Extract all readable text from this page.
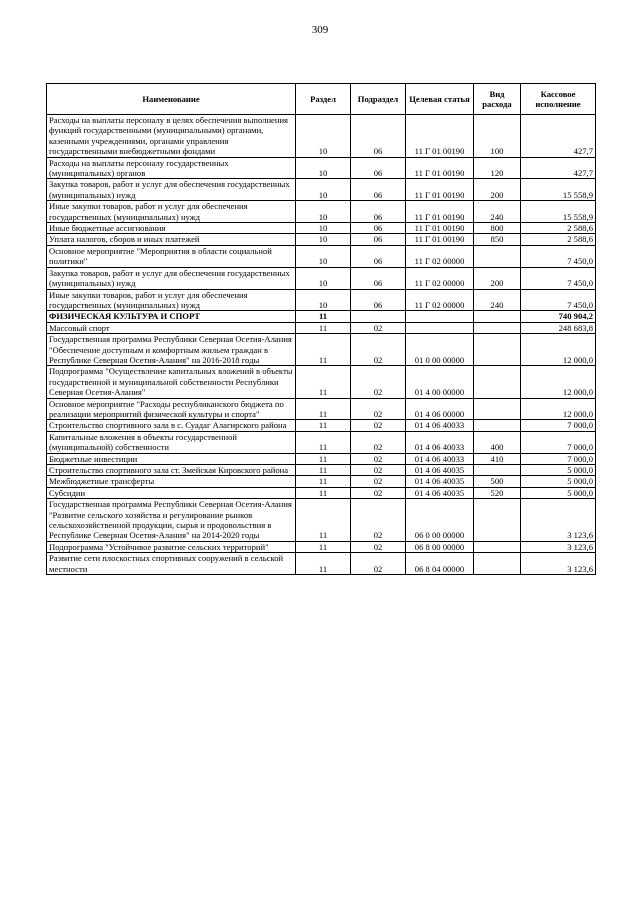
309
Наименование	Раздел	Подраздел	Целевая статья	Вид расхода	Кассовое исполнение
Расходы на выплаты персоналу в целях обеспечения выполнения функций государственными (муниципальными) органами, казенными учреждениями, органами управления государственными внебюджетными фондами	10	06	11 Г 01 00190	100	427,7
Расходы на выплаты персоналу государственных (муниципальных) органов	10	06	11 Г 01 00190	120	427,7
Закупка товаров, работ и услуг для обеспечения государственных (муниципальных) нужд	10	06	11 Г 01 00190	200	15 558,9
Иные закупки товаров, работ и услуг для обеспечения государственных (муниципальных) нужд	10	06	11 Г 01 00190	240	15 558,9
Иные бюджетные ассигнования	10	06	11 Г 01 00190	800	2 588,6
Уплата налогов, сборов и иных платежей	10	06	11 Г 01 00190	850	2 588,6
Основное мероприятие "Мероприятия в области социальной политики"	10	06	11 Г 02 00000		7 450,0
Закупка товаров, работ и услуг для обеспечения государственных (муниципальных) нужд	10	06	11 Г 02 00000	200	7 450,0
Иные закупки товаров, работ и услуг для обеспечения государственных (муниципальных) нужд	10	06	11 Г 02 00000	240	7 450,0
ФИЗИЧЕСКАЯ КУЛЬТУРА И СПОРТ	11				740 904,2
Массовый спорт	11	02			248 683,8
Государственная программа Республики Северная Осетия-Алания "Обеспечение доступным и комфортным жильем граждан в Республике Северная Осетия-Алания" на 2016-2018 годы	11	02	01 0 00 00000		12 000,0
Подпрограмма "Осуществление капитальных вложений в объекты государственной и муниципальной собственности Республики Северная Осетия-Алания"	11	02	01 4 00 00000		12 000,0
Основное мероприятие "Расходы республиканского бюджета по реализации мероприятий физической культуры и спорта"	11	02	01 4 06 00000		12 000,0
Строительство спортивного зала в с. Суадаг Алагирского района	11	02	01 4 06 40033		7 000,0
Капитальные вложения в объекты государственной (муниципальной) собственности	11	02	01 4 06 40033	400	7 000,0
Бюджетные инвестиции	11	02	01 4 06 40033	410	7 000,0
Строительство спортивного зала ст. Змейская Кировского района	11	02	01 4 06 40035		5 000,0
Межбюджетные трансферты	11	02	01 4 06 40035	500	5 000,0
Субсидии	11	02	01 4 06 40035	520	5 000,0
Государственная программа Республики Северная Осетия-Алания "Развитие сельского хозяйства и регулирование рынков сельскохозяйственной продукции, сырья и продовольствия в Республике Северная Осетия-Алания" на 2014-2020 годы	11	02	06 0 00 00000		3 123,6
Подпрограмма "Устойчивое развитие сельских территорий"	11	02	06 8 00 00000		3 123,6
Развитие сети плоскостных спортивных сооружений в сельской местности	11	02	06 8 04 00000		3 123,6
